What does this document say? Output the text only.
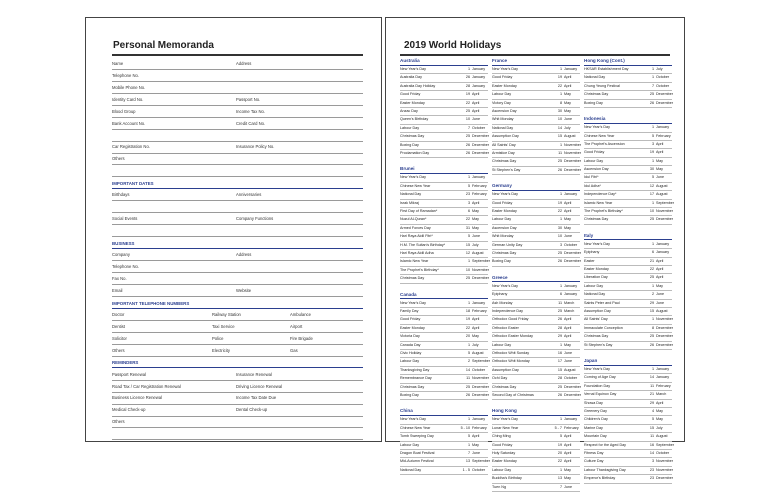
Personal Memoranda
Name	Address
Telephone No.
Mobile Phone No.
Identity Card No.	Passport No.
Blood Group	Income Tax No.
Bank Account No.	Credit Card No.
Car Registration No.	Insurance Policy No.
Others
IMPORTANT DATES
Birthdays	Anniversaries
Social Events	Company Functions
BUSINESS
Company	Address
Telephone No.
Fax No.
Email	Website
IMPORTANT TELEPHONE NUMBERS
Doctor	Railway Station	Ambulance
Dentist	Taxi Service	Airport
Solicitor	Police	Fire Brigade
Others	Electricity	Gas
REMINDERS
Passport Renewal	Insurance Renewal
Road Tax / Car Registration Renewal	Driving Licence Renewal
Business Licence Renewal	Income Tax Date Due
Medical Check-up	Dental Check-up
Others
2019 World Holidays
Australia
New Year's Day	1 January
Australia Day	26 January
Australia Day Holiday	28 January
Good Friday	19 April
Easter Monday	22 April
Anzac Day	25 April
Queen's Birthday	10 June
Labour Day	7 October
Christmas Day	25 December
Boxing Day	26 December
Proclamation Day	26 December
Brunei
New Year's Day	1 January
Chinese New Year	5 February
National Day	23 February
Israk Mikraj	3 April
First Day of Ramadan*	6 May
Nuzul Al-Quran*	22 May
Armed Forces Day	31 May
Hari Raya Aidil Fitri*	5 June
H.M. The Sultan's Birthday*	15 July
Hari Raya Aidil Adha	12 August
Islamic New Year	1 September
The Prophet's Birthday*	10 November
Christmas Day	25 December
Canada
New Year's Day	1 January
Family Day	18 February
Good Friday	19 April
Easter Monday	22 April
Victoria Day	20 May
Canada Day	1 July
Civic Holiday	5 August
Labour Day	2 September
Thanksgiving Day	14 October
Remembrance Day	11 November
Christmas Day	25 December
Boxing Day	26 December
China
New Year's Day	1 January
Chinese New Year	5 - 10 February
Tomb Sweeping Day	5 April
Labour Day	1 May
Dragon Boat Festival	7 June
Mid-Autumn Festival	13 September
National Day	1 - 5 October
France
New Year's Day	1 January
Good Friday	19 April
Easter Monday	22 April
Labour Day	1 May
Victory Day	8 May
Ascension Day	30 May
Whit Monday	10 June
National Day	14 July
Assumption Day	15 August
All Saints' Day	1 November
Armistice Day	11 November
Christmas Day	25 December
St Stephen's Day	26 December
Germany
New Year's Day	1 January
Good Friday	19 April
Easter Monday	22 April
Labour Day	1 May
Ascension Day	30 May
Whit Monday	10 June
German Unity Day	3 October
Christmas Day	25 December
Boxing Day	26 December
Greece
New Year's Day	1 January
Epiphany	6 January
Ash Monday	11 March
Independence Day	25 March
Orthodox Good Friday	26 April
Orthodox Easter	28 April
Orthodox Easter Monday	29 April
Labour Day	1 May
Orthodox Whit Sunday	16 June
Orthodox Whit Monday	17 June
Assumption Day	15 August
Ochi Day	28 October
Christmas Day	25 December
Second Day of Christmas	26 December
Hong Kong
New Year's Day	1 January
Lunar New Year	5 - 7 February
Ching Ming	5 April
Good Friday	19 April
Holy Saturday	20 April
Easter Monday	22 April
Labour Day	1 May
Buddha's Birthday	13 May
Tuen Ng	7 June
Hong Kong (Cont.)
HKSAR Establishment Day	1 July
National Day	1 October
Chung Yeung Festival	7 October
Christmas Day	25 December
Boxing Day	26 December
Indonesia
New Year's Day	1 January
Chinese New Year	5 February
The Prophet's Ascension	3 April
Good Friday	19 April
Labour Day	1 May
Ascension Day	30 May
Idul Fitri*	5 June
Idul Adha*	12 August
Independence Day*	17 August
Islamic New Year	1 September
The Prophet's Birthday*	10 November
Christmas Day	25 December
Italy
New Year's Day	1 January
Epiphany	6 January
Easter	21 April
Easter Monday	22 April
Liberation Day	25 April
Labour Day	1 May
National Day	2 June
Saints Peter and Paul	29 June
Assumption Day	15 August
All Saints' Day	1 November
Immaculate Conception	8 December
Christmas Day	25 December
St Stephen's Day	26 December
Japan
New Year's Day	1 January
Coming of Age Day	14 January
Foundation Day	11 February
Vernal Equinox Day	21 March
Showa Day	29 April
Greenery Day	4 May
Children's Day	5 May
Marine Day	15 July
Mountain Day	11 August
Respect for the Aged Day	16 September
Fitness Day	14 October
Culture Day	3 November
Labour Thanksgiving Day	23 November
Emperor's Birthday	23 December
